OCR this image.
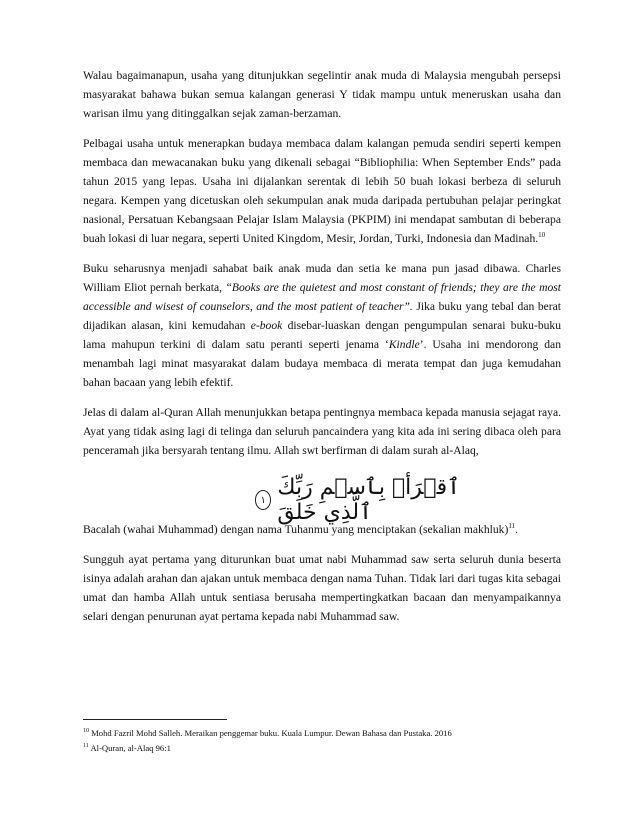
Walau bagaimanapun, usaha yang ditunjukkan segelintir anak muda di Malaysia mengubah persepsi masyarakat bahawa bukan semua kalangan generasi Y tidak mampu untuk meneruskan usaha dan warisan ilmu yang ditinggalkan sejak zaman-berzaman.

Pelbagai usaha untuk menerapkan budaya membaca dalam kalangan pemuda sendiri seperti kempen membaca dan mewacanakan buku yang dikenali sebagai “Bibliophilia: When September Ends” pada tahun 2015 yang lepas. Usaha ini dijalankan serentak di lebih 50 buah lokasi berbeza di seluruh negara. Kempen yang dicetuskan oleh sekumpulan anak muda daripada pertubuhan pelajar peringkat nasional, Persatuan Kebangsaan Pelajar Islam Malaysia (PKPIM) ini mendapat sambutan di beberapa buah lokasi di luar negara, seperti United Kingdom, Mesir, Jordan, Turki, Indonesia dan Madinah.$^{10}$

Buku seharusnya menjadi sahabat baik anak muda dan setia ke mana pun jasad dibawa. Charles William Eliot pernah berkata, “Books are the quietest and most constant of friends; they are the most accessible and wisest of counselors, and the most patient of teacher”. Jika buku yang tebal dan berat dijadikan alasan, kini kemudahan e-book disebar-luaskan dengan pengumpulan senarai buku-buku lama mahupun terkini di dalam satu peranti seperti jenama ‘Kindle’. Usaha ini mendorong dan menambah lagi minat masyarakat dalam budaya membaca di merata tempat dan juga kemudahan bahan bacaan yang lebih efektif.

Jelas di dalam al-Quran Allah menunjukkan betapa pentingnya membaca kepada manusia sejagat raya. Ayat yang tidak asing lagi di telinga dan seluruh pancaindera yang kita ada ini sering dibaca oleh para penceramah jika bersyarah tentang ilmu. Allah swt berfirman di dalam surah al-Alaq,

ٱقۡرَأۡ بِٱسۡمِ رَبِّكَ ٱلَّذِي خَلَقَ
١

Bacalah (wahai Muhammad) dengan nama Tuhanmu yang menciptakan (sekalian makhluk)$^{11}$.

Sungguh ayat pertama yang diturunkan buat umat nabi Muhammad saw serta seluruh dunia beserta isinya adalah arahan dan ajakan untuk membaca dengan nama Tuhan. Tidak lari dari tugas kita sebagai umat dan hamba Allah untuk sentiasa berusaha mempertingkatkan bacaan dan menyampaikannya selari dengan penurunan ayat pertama kepada nabi Muhammad saw.

$^{10}$ Mohd Fazril Mohd Salleh. Meraikan penggemar buku. Kuala Lumpur. Dewan Bahasa dan Pustaka. 2016
$^{11}$ Al-Quran, al-Alaq 96:1
